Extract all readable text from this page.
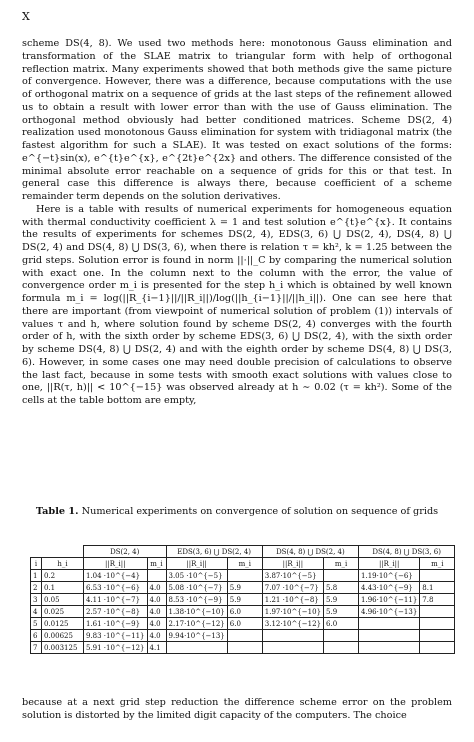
X

scheme DS(4, 8). We used two methods here: monotonous Gauss elimination and transformation of the SLAE matrix to triangular form with help of orthogonal reflection matrix. Many experiments showed that both methods give the same picture of convergence. However, there was a difference, because computations with the use of orthogonal matrix on a sequence of grids at the last steps of the refinement allowed us to obtain a result with lower error than with the use of Gauss elimination. The orthogonal method obviously had better conditioned matrices. Scheme DS(2, 4) realization used monotonous Gauss elimination for system with tridiagonal matrix (the fastest algorithm for such a SLAE). It was tested on exact solutions of the forms: e^{−t}sin(x), e^{t}e^{x}, e^{2t}e^{2x} and others. The difference consisted of the minimal absolute error reachable on a sequence of grids for this or that test. In general case this difference is always there, because coefficient of a scheme remainder term depends on the solution derivatives.

Here is a table with results of numerical experiments for homogeneous equation with thermal conductivity coefficient λ = 1 and test solution e^{t}e^{x}. It contains the results of experiments for schemes DS(2, 4), EDS(3, 6) ⋃ DS(2, 4), DS(4, 8) ⋃ DS(2, 4) and DS(4, 8) ⋃ DS(3, 6), when there is relation τ = kh², k = 1.25 between the grid steps. Solution error is found in norm ||·||_C by comparing the numerical solution with exact one. In the column next to the column with the error, the value of convergence order m_i is presented for the step h_i which is obtained by well known formula m_i = log(||R_{i−1}||/||R_i||)/log(||h_{i−1}||/||h_i||). One can see here that there are important (from viewpoint of numerical solution of problem (1)) intervals of values τ and h, where solution found by scheme DS(2, 4) converges with the fourth order of h, with the sixth order by scheme EDS(3, 6) ⋃ DS(2, 4), with the sixth order by scheme DS(4, 8) ⋃ DS(2, 4) and with the eighth order by scheme DS(4, 8) ⋃ DS(3, 6). However, in some cases one may need double precision of calculations to observe the last fact, because in some tests with smooth exact solutions with values close to one, ||R(τ, h)|| < 10^{−15} was observed already at h ∼ 0.02 (τ = kh²). Some of the cells at the table bottom are empty,

Table 1. Numerical experiments on convergence of solution on sequence of grids
		DS(2, 4)		EDS(3, 6) ⋃ DS(2, 4)		DS(4, 8) ⋃ DS(2, 4)		DS(4, 8) ⋃ DS(3, 6)	
i	h_i	||R_i||	m_i	||R_i||	m_i	||R_i||	m_i	||R_i||	m_i
1	0.2	1.04 ·10^{−4}		3.05 ·10^{−5}		3.87·10^{−5}		1.19·10^{−6}	
2	0.1	6.53 ·10^{−6}	4.0	5.08 ·10^{−7}	5.9	7.07 ·10^{−7}	5.8	4.43·10^{−9}	8.1
3	0.05	4.11 ·10^{−7}	4.0	8.53 ·10^{−9}	5.9	1.21 ·10^{−8}	5.9	1.96·10^{−11}	7.8
4	0.025	2.57 ·10^{−8}	4.0	1.38·10^{−10}	6.0	1.97·10^{−10}	5.9	4.96·10^{−13}	
5	0.0125	1.61 ·10^{−9}	4.0	2.17·10^{−12}	6.0	3.12·10^{−12}	6.0		
6	0.00625	9.83 ·10^{−11}	4.0	9.94·10^{−13}					
7	0.003125	5.91 ·10^{−12}	4.1						

because at a next grid step reduction the difference scheme error on the problem solution is distorted by the limited digit capacity of the computers. The choice
